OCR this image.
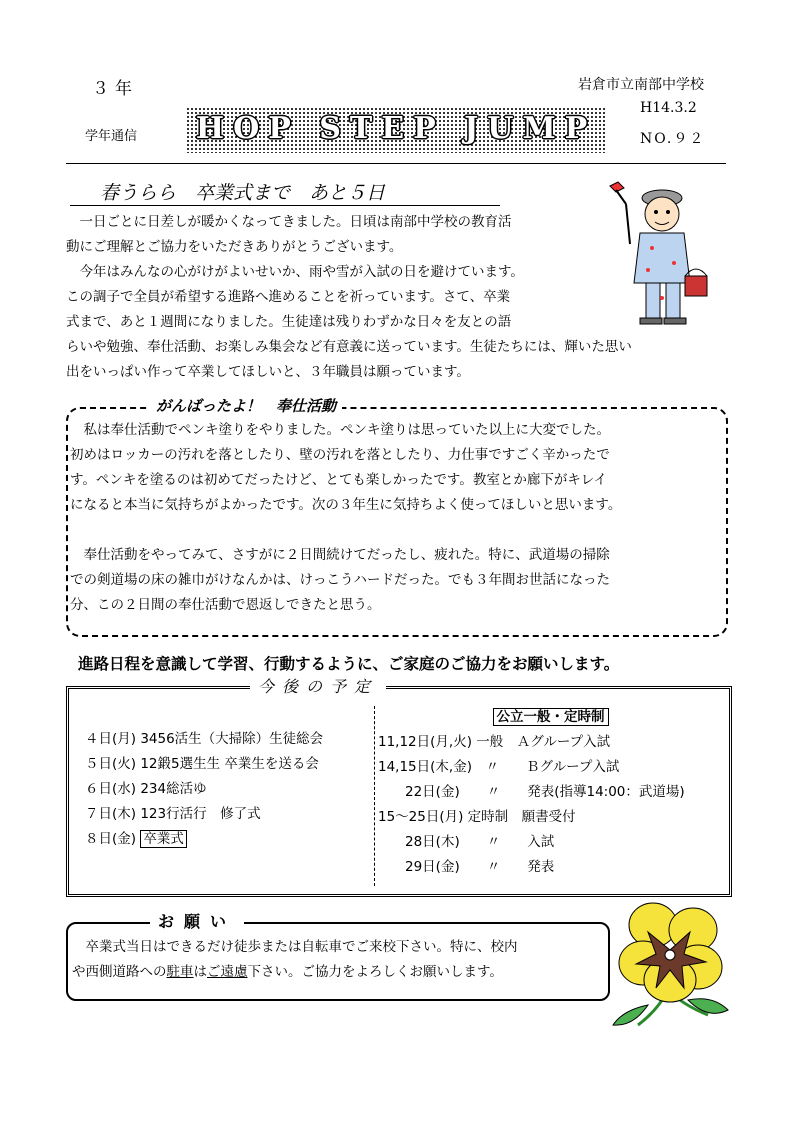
３年
学年通信	HOP STEP JUMP
岩倉市立南部中学校
H14.3.2
NO.９２
春うらら　卒業式まで　あと５日
　一日ごとに日差しが暖かくなってきました。日頃は南部中学校の教育活
動にご理解とご協力をいただきありがとうございます。
　今年はみんなの心がけがよいせいか、雨や雪が入試の日を避けています。
この調子で全員が希望する進路へ進めることを祈っています。さて、卒業
式まで、あと１週間になりました。生徒達は残りわずかな日々を友との語
らいや勉強、奉仕活動、お楽しみ集会など有意義に送っています。生徒たちには、輝いた思い
出をいっぱい作って卒業してほしいと、３年職員は願っています。
がんばったよ！　奉仕活動
　私は奉仕活動でペンキ塗りをやりました。ペンキ塗りは思っていた以上に大変でした。
初めはロッカーの汚れを落としたり、壁の汚れを落としたり、力仕事ですごく辛かったで
す。ペンキを塗るのは初めてだったけど、とても楽しかったです。教室とか廊下がキレイ
になると本当に気持ちがよかったです。次の３年生に気持ちよく使ってほしいと思います。
　奉仕活動をやってみて、さすがに２日間続けてだったし、疲れた。特に、武道場の掃除
での剣道場の床の雑巾がけなんかは、けっこうハードだった。でも３年間お世話になった
分、この２日間の奉仕活動で恩返しできたと思う。
進路日程を意識して学習、行動するように、ご家庭のご協力をお願いします。
今後の予定
４日(月) 3456活生（大掃除）生徒総会
５日(火) 12鍛5選生生 卒業生を送る会
６日(水) 234総活ゆ
７日(木) 123行活行　修了式
８日(金) 卒業式
公立一般・定時制
11,12日(月,火) 一般　Ａグループ入試
14,15日(木,金)　〃　　Ｂグループ入試
　　22日(金)　　〃　　発表(指導14:00：武道場)
15〜25日(月) 定時制　願書受付
　　28日(木)　　〃　　入試
　　29日(金)　　〃　　発表
お願い
　卒業式当日はできるだけ徒歩または自転車でご来校下さい。特に、校内
や西側道路への駐車はご遠慮下さい。ご協力をよろしくお願いします。
